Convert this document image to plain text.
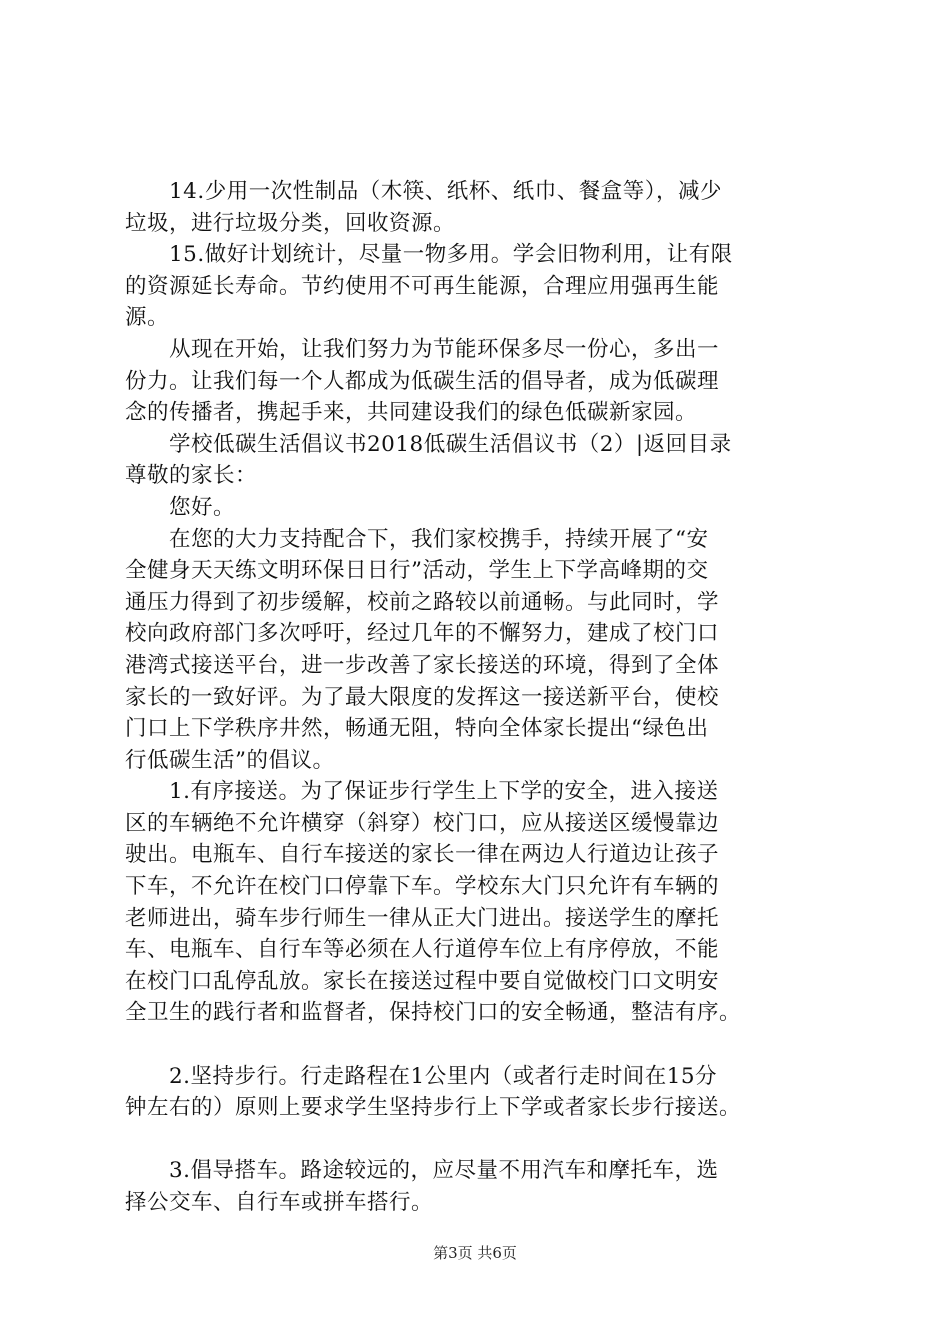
　　14.少用一次性制品（木筷、纸杯、纸巾、餐盒等），减少
垃圾，进行垃圾分类，回收资源。
　　15.做好计划统计，尽量一物多用。学会旧物利用，让有限
的资源延长寿命。节约使用不可再生能源，合理应用强再生能
源。
　　从现在开始，让我们努力为节能环保多尽一份心，多出一
份力。让我们每一个人都成为低碳生活的倡导者，成为低碳理
念的传播者，携起手来，共同建设我们的绿色低碳新家园。
　　学校低碳生活倡议书2018低碳生活倡议书（2）|返回目录
尊敬的家长：
　　您好。
　　在您的大力支持配合下，我们家校携手，持续开展了“安
全健身天天练文明环保日日行”活动，学生上下学高峰期的交
通压力得到了初步缓解，校前之路较以前通畅。与此同时，学
校向政府部门多次呼吁，经过几年的不懈努力，建成了校门口
港湾式接送平台，进一步改善了家长接送的环境，得到了全体
家长的一致好评。为了最大限度的发挥这一接送新平台，使校
门口上下学秩序井然，畅通无阻，特向全体家长提出“绿色出
行低碳生活”的倡议。
　　1.有序接送。为了保证步行学生上下学的安全，进入接送
区的车辆绝不允许横穿（斜穿）校门口，应从接送区缓慢靠边
驶出。电瓶车、自行车接送的家长一律在两边人行道边让孩子
下车，不允许在校门口停靠下车。学校东大门只允许有车辆的
老师进出，骑车步行师生一律从正大门进出。接送学生的摩托
车、电瓶车、自行车等必须在人行道停车位上有序停放，不能
在校门口乱停乱放。家长在接送过程中要自觉做校门口文明安
全卫生的践行者和监督者，保持校门口的安全畅通，整洁有序。
　　2.坚持步行。行走路程在1公里内（或者行走时间在15分
钟左右的）原则上要求学生坚持步行上下学或者家长步行接送。
　　3.倡导搭车。路途较远的，应尽量不用汽车和摩托车，选
择公交车、自行车或拼车搭行。
第3页 共6页
